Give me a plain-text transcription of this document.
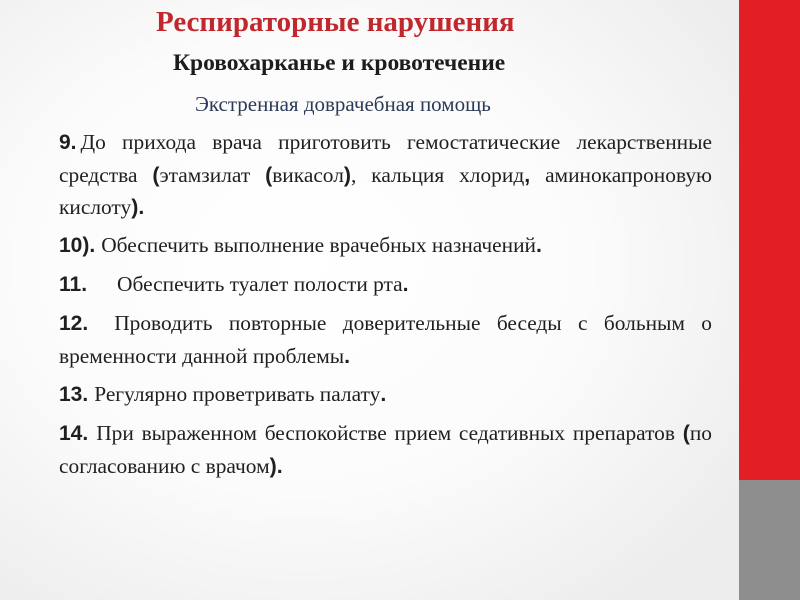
Респираторные нарушения
Кровохарканье и кровотечение
Экстренная доврачебная помощь
9. До прихода врача приготовить гемостатические лекарственные средства (этамзилат (викасол), кальция хлорид, аминокапроновую кислоту).
10). Обеспечить выполнение врачебных назначений.
11. Обеспечить туалет полости рта.
12. Проводить повторные доверительные беседы с больным о временности данной проблемы.
13. Регулярно проветривать палату.
14. При выраженном беспокойстве прием седативных препаратов (по согласованию с врачом).
